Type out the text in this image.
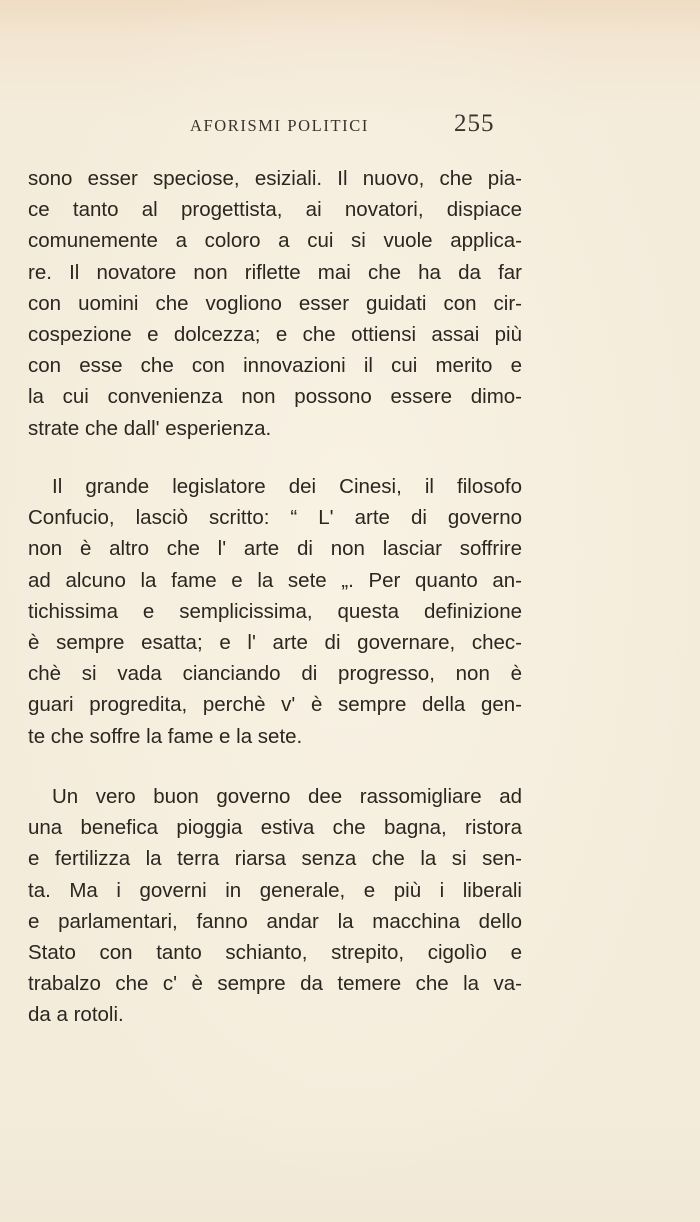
AFORISMI POLITICI	255
sono esser speciose, esiziali. Il nuovo, che pia-
ce tanto al progettista, ai novatori, dispiace
comunemente a coloro a cui si vuole applica-
re. Il novatore non riflette mai che ha da far
con uomini che vogliono esser guidati con cir-
cospezione e dolcezza; e che ottiensi assai più
con esse che con innovazioni il cui merito e
la cui convenienza non possono essere dimo-
strate che dall' esperienza.
Il grande legislatore dei Cinesi, il filosofo
Confucio, lasciò scritto: “ L' arte di governo
non è altro che l' arte di non lasciar soffrire
ad alcuno la fame e la sete „. Per quanto an-
tichissima e semplicissima, questa definizione
è sempre esatta; e l' arte di governare, chec-
chè si vada cianciando di progresso, non è
guari progredita, perchè v' è sempre della gen-
te che soffre la fame e la sete.
Un vero buon governo dee rassomigliare ad
una benefica pioggia estiva che bagna, ristora
e fertilizza la terra riarsa senza che la si sen-
ta. Ma i governi in generale, e più i liberali
e parlamentari, fanno andar la macchina dello
Stato con tanto schianto, strepito, cigolìo e
trabalzo che c' è sempre da temere che la va-
da a rotoli.
